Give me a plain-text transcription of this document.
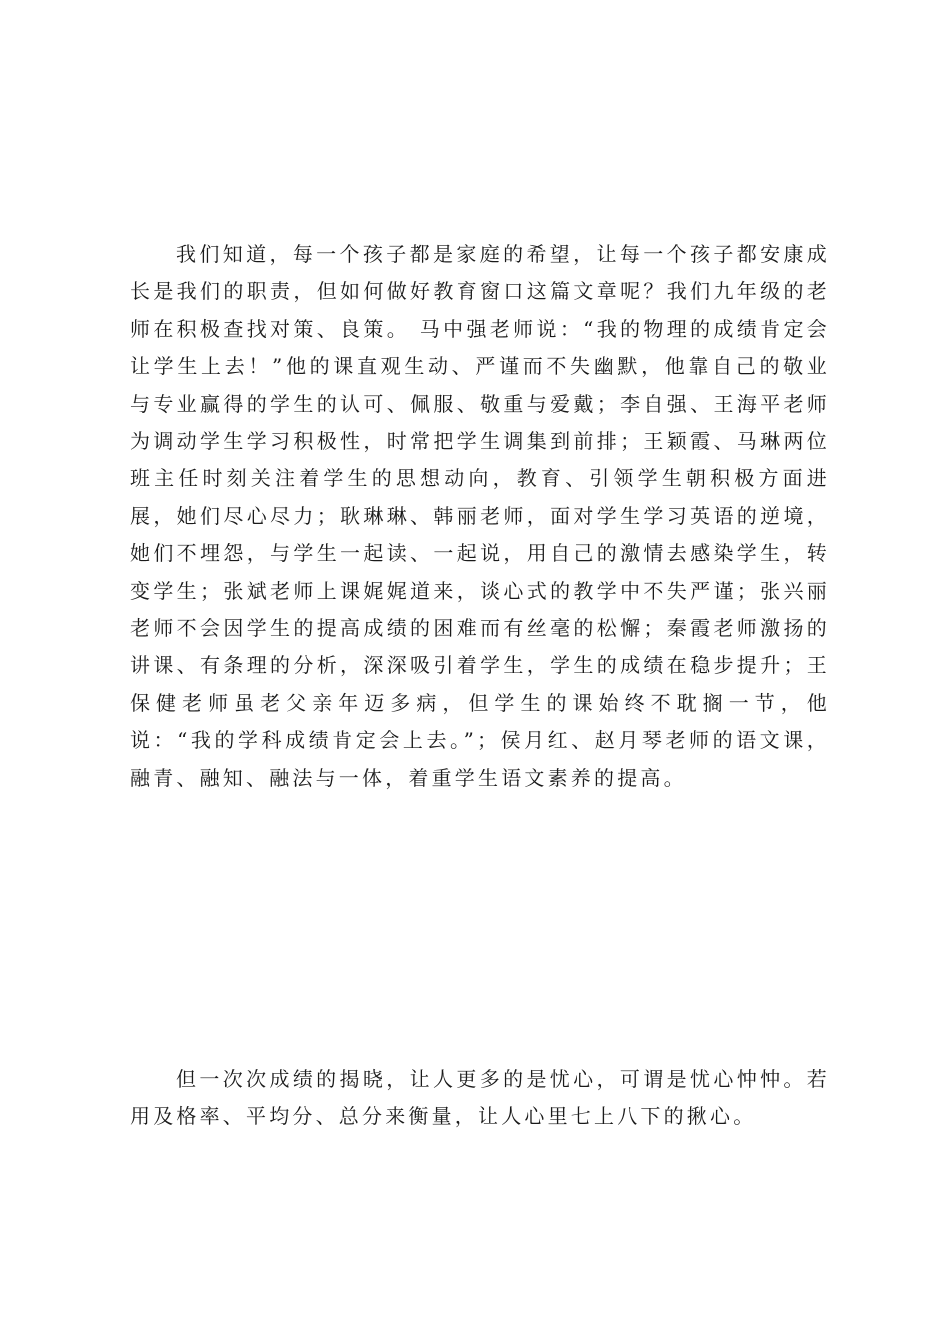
我们知道，每一个孩子都是家庭的希望，让每一个孩子都安康成长是我们的职责，但如何做好教育窗口这篇文章呢？我们九年级的老师在积极查找对策、良策。 马中强老师说：“我的物理的成绩肯定会让学生上去！”他的课直观生动、严谨而不失幽默，他靠自己的敬业与专业赢得的学生的认可、佩服、敬重与爱戴；李自强、王海平老师为调动学生学习积极性，时常把学生调集到前排；王颖霞、马琳两位班主任时刻关注着学生的思想动向，教育、引领学生朝积极方面进展，她们尽心尽力；耿琳琳、韩丽老师，面对学生学习英语的逆境，她们不埋怨，与学生一起读、一起说，用自己的激情去感染学生，转变学生；张斌老师上课娓娓道来，谈心式的教学中不失严谨；张兴丽老师不会因学生的提高成绩的困难而有丝毫的松懈；秦霞老师激扬的讲课、有条理的分析，深深吸引着学生，学生的成绩在稳步提升；王保健老师虽老父亲年迈多病，但学生的课始终不耽搁一节，他说：“我的学科成绩肯定会上去。”；侯月红、赵月琴老师的语文课，融青、融知、融法与一体，着重学生语文素养的提高。

但一次次成绩的揭晓，让人更多的是忧心，可谓是忧心忡忡。若用及格率、平均分、总分来衡量，让人心里七上八下的揪心。
